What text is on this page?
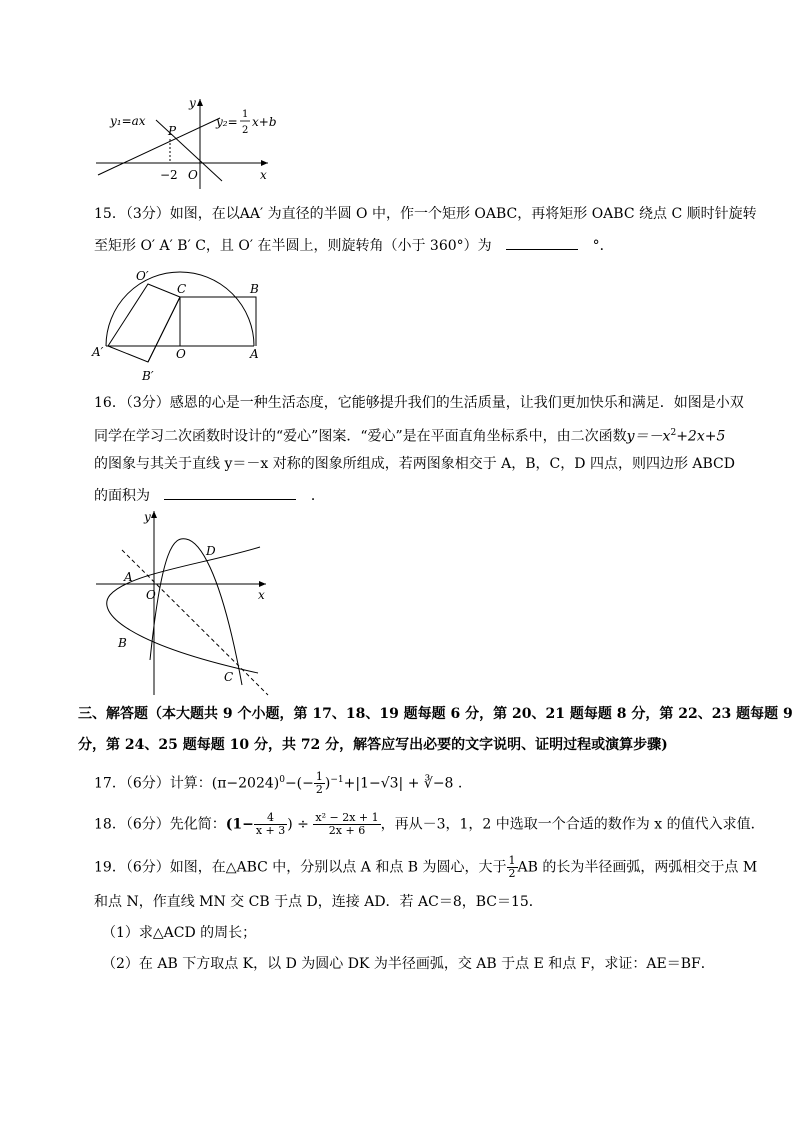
y₁=ax	y₂=
1
2
x+b
P
−2 O	x
y
15．（3分）如图，在以AA′ 为直径的半圆 O 中，作一个矩形 OABC，再将矩形 OABC 绕点 C 顺时针旋转
至矩形 O′ A′ B′ C，且 O′ 在半圆上，则旋转角（小于 360°）为	°．
O′
C	B
A′	O	A
B′
16．（3分）感恩的心是一种生活态度，它能够提升我们的生活质量，让我们更加快乐和满足．如图是小双
同学在学习二次函数时设计的“爱心”图案．“爱心”是在平面直角坐标系中，由二次函数$y=-x^2+2x+5$
的图象与其关于直线 y＝－x 对称的图象所组成，若两图象相交于 A，B，C，D 四点，则四边形 ABCD
的面积为	．
y
x
A
O
D
B
C
三、解答题（本大题共 9 个小题，第 17、18、19 题每题 6 分，第 20、21 题每题 8 分，第 22、23 题每题 9
分，第 24、25 题每题 10 分，共 72 分，解答应写出必要的文字说明、证明过程或演算步骤)
17．（6分）计算：$(\pi-2024)^0-(- \frac{1}{2} )^{-1}+|1-√3|$ + ∛−8 .
18．（6分）先化简：($1- \frac{4}{x + 3}$ ) ÷ $\frac{\text{x² − 2x + 1}}{2x + 6}$ ，再从－3，1，2 中选取一个合适的数作为 x 的值代入求值．
19．（6分）如图，在△ABC 中，分别以点 A 和点 B 为圆心，大于 $\frac{1}{2}$ AB 的长为半径画弧，两弧相交于点 M
和点 N，作直线 MN 交 CB 于点 D，连接 AD．若 AC＝8，BC＝15．
（1）求△ACD 的周长；
（2）在 AB 下方取点 K，以 D 为圆心 DK 为半径画弧，交 AB 于点 E 和点 F，求证：AE＝BF．
